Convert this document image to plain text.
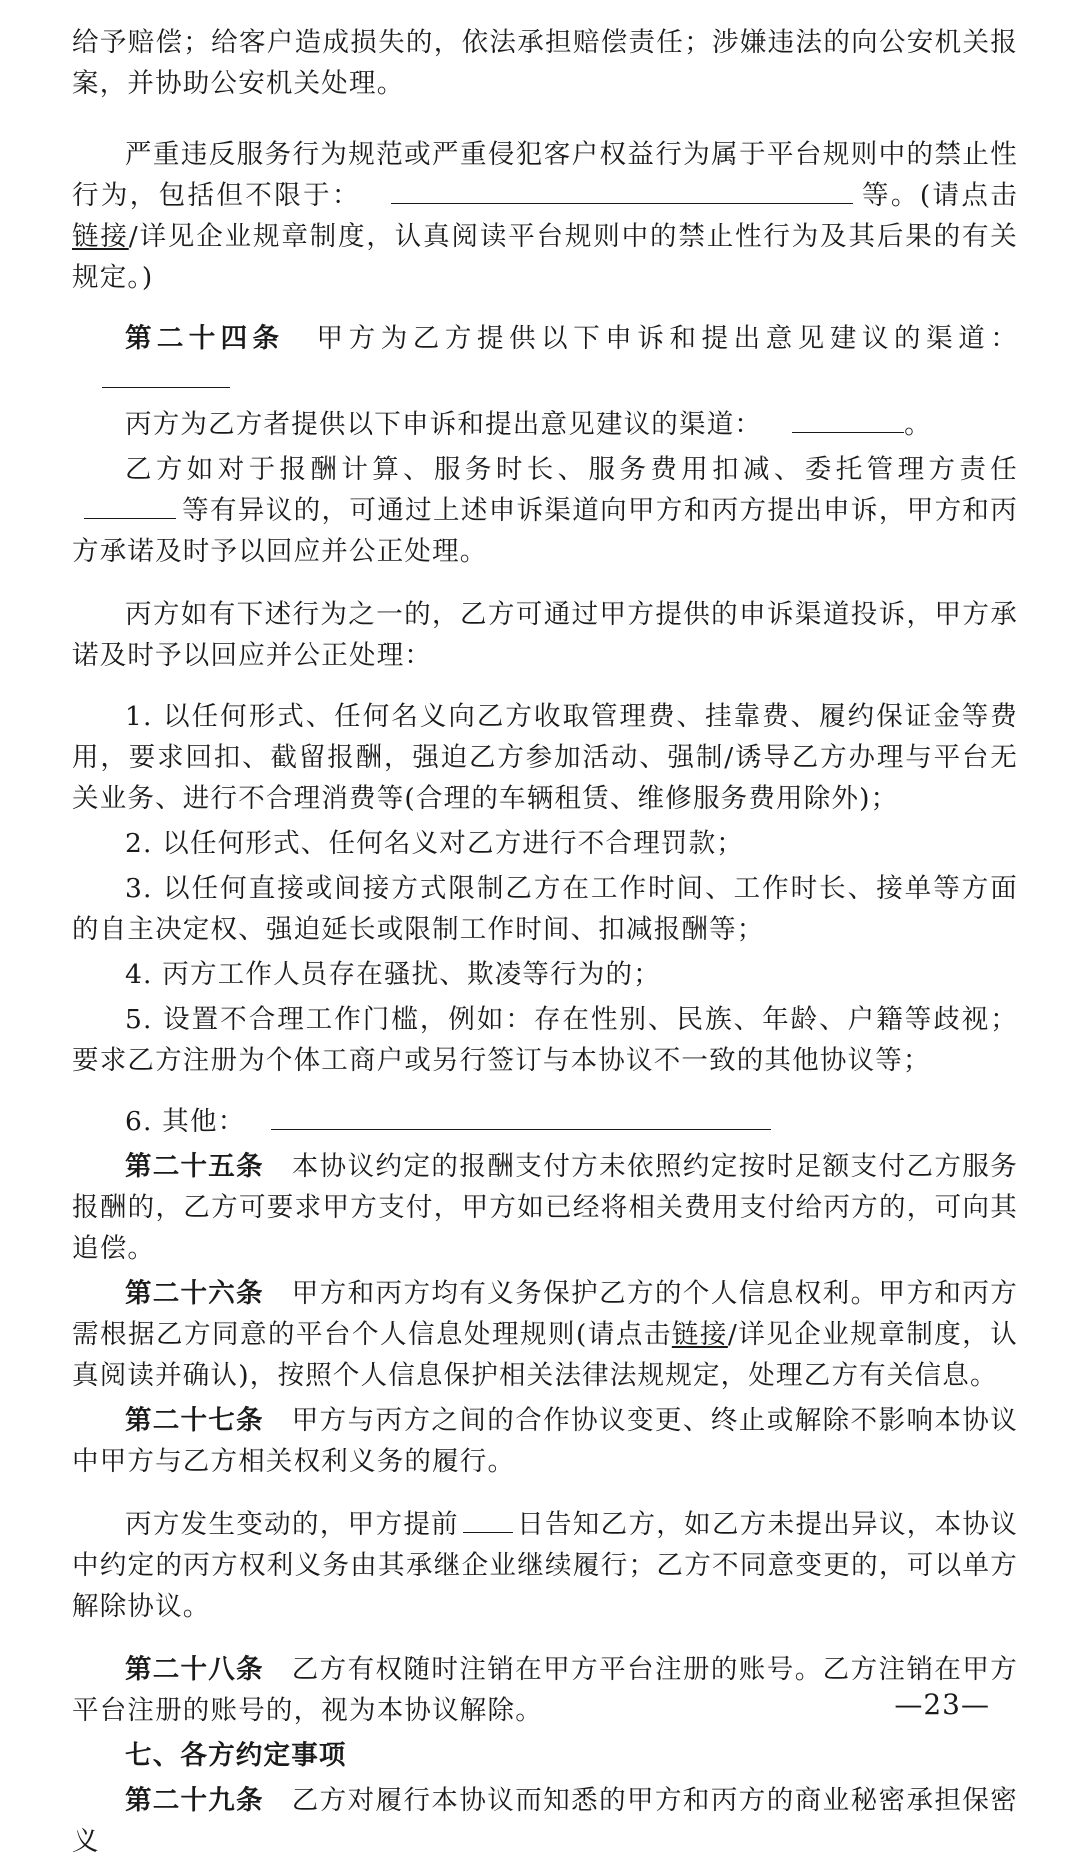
给予赔偿；给客户造成损失的，依法承担赔偿责任；涉嫌违法的向公安机关报案，并协助公安机关处理。

严重违反服务行为规范或严重侵犯客户权益行为属于平台规则中的禁止性行为，包括但不限于：	等。(请点击链接/详见企业规章制度，认真阅读平台规则中的禁止性行为及其后果的有关规定。)

第二十四条　 甲方为乙方提供以下申诉和提出意见建议的渠道：

丙方为乙方者提供以下申诉和提出意见建议的渠道：	。

乙方如对于报酬计算、服务时长、服务费用扣减、委托管理方责任等有异议的，可通过上述申诉渠道向甲方和丙方提出申诉，甲方和丙方承诺及时予以回应并公正处理。

丙方如有下述行为之一的，乙方可通过甲方提供的申诉渠道投诉，甲方承诺及时予以回应并公正处理：

1. 以任何形式、任何名义向乙方收取管理费、挂靠费、履约保证金等费用，要求回扣、截留报酬，强迫乙方参加活动、强制/诱导乙方办理与平台无关业务、进行不合理消费等(合理的车辆租赁、维修服务费用除外)；

2. 以任何形式、任何名义对乙方进行不合理罚款；

3. 以任何直接或间接方式限制乙方在工作时间、工作时长、接单等方面的自主决定权、强迫延长或限制工作时间、扣减报酬等；

4. 丙方工作人员存在骚扰、欺凌等行为的；

5. 设置不合理工作门槛，例如：存在性别、民族、年龄、户籍等歧视；要求乙方注册为个体工商户或另行签订与本协议不一致的其他协议等；

6. 其他：

第二十五条　 本协议约定的报酬支付方未依照约定按时足额支付乙方服务报酬的，乙方可要求甲方支付，甲方如已经将相关费用支付给丙方的，可向其追偿。

第二十六条　 甲方和丙方均有义务保护乙方的个人信息权利。甲方和丙方需根据乙方同意的平台个人信息处理规则(请点击链接/详见企业规章制度，认真阅读并确认)，按照个人信息保护相关法律法规规定，处理乙方有关信息。

第二十七条　 甲方与丙方之间的合作协议变更、终止或解除不影响本协议中甲方与乙方相关权利义务的履行。

丙方发生变动的，甲方提前 日告知乙方，如乙方未提出异议，本协议中约定的丙方权利义务由其承继企业继续履行；乙方不同意变更的，可以单方解除协议。

第二十八条　 乙方有权随时注销在甲方平台注册的账号。乙方注销在甲方平台注册的账号的，视为本协议解除。

七、各方约定事项

第二十九条　 乙方对履行本协议而知悉的甲方和丙方的商业秘密承担保密义

—23—
